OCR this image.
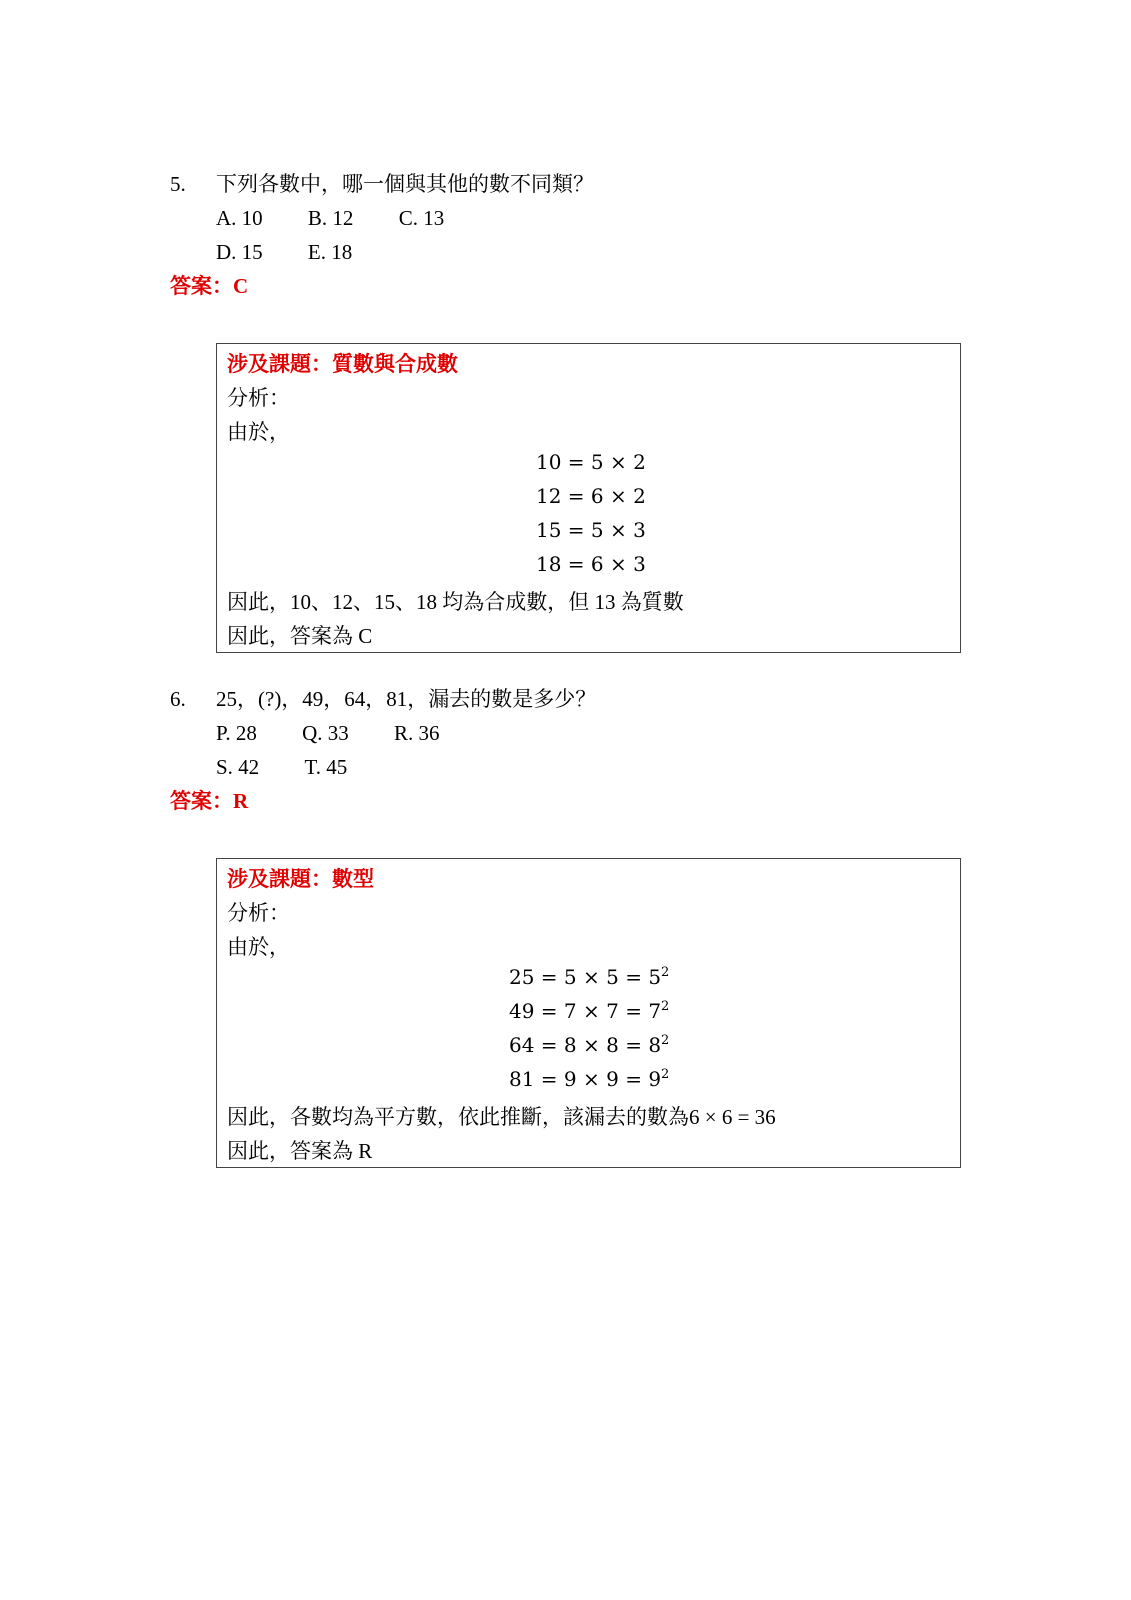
5. 下列各數中，哪一個與其他的數不同類？
A. 10 B. 12 C. 13
D. 15 E. 18
答案：C
涉及課題：質數與合成數
分析：
由於，
10 = 5 × 2
12 = 6 × 2
15 = 5 × 3
18 = 6 × 3
因此，10、12、15、18 均為合成數，但 13 為質數
因此，答案為 C
6. 25，(?)，49，64，81，漏去的數是多少？
P. 28 Q. 33 R. 36
S. 42 T. 45
答案：R
涉及課題：數型
分析：
由於，
$25 = 5 \times 5 = 5^2$
$49 = 7 \times 7 = 7^2$
$64 = 8 \times 8 = 8^2$
$81 = 9 \times 9 = 9^2$
因此，各數均為平方數，依此推斷，該漏去的數為6 × 6 = 36
因此，答案為 R
